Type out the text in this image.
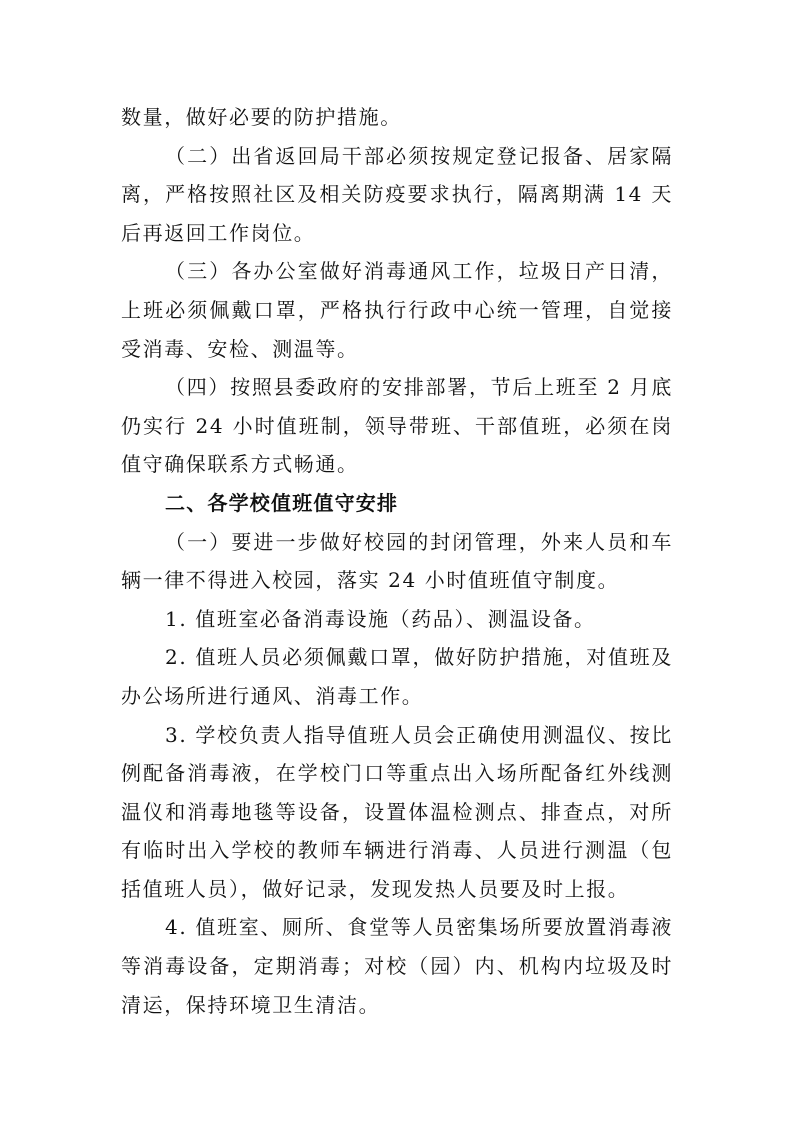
数量，做好必要的防护措施。

（二）出省返回局干部必须按规定登记报备、居家隔离，严格按照社区及相关防疫要求执行，隔离期满 14 天后再返回工作岗位。

（三）各办公室做好消毒通风工作，垃圾日产日清，上班必须佩戴口罩，严格执行行政中心统一管理，自觉接受消毒、安检、测温等。

（四）按照县委政府的安排部署，节后上班至 2 月底仍实行 24 小时值班制，领导带班、干部值班，必须在岗值守确保联系方式畅通。

二、各学校值班值守安排

（一）要进一步做好校园的封闭管理，外来人员和车辆一律不得进入校园，落实 24 小时值班值守制度。

1. 值班室必备消毒设施（药品）、测温设备。

2. 值班人员必须佩戴口罩，做好防护措施，对值班及办公场所进行通风、消毒工作。

3. 学校负责人指导值班人员会正确使用测温仪、按比例配备消毒液，在学校门口等重点出入场所配备红外线测温仪和消毒地毯等设备，设置体温检测点、排查点，对所有临时出入学校的教师车辆进行消毒、人员进行测温（包括值班人员），做好记录，发现发热人员要及时上报。

4. 值班室、厕所、食堂等人员密集场所要放置消毒液等消毒设备，定期消毒；对校（园）内、机构内垃圾及时清运，保持环境卫生清洁。
